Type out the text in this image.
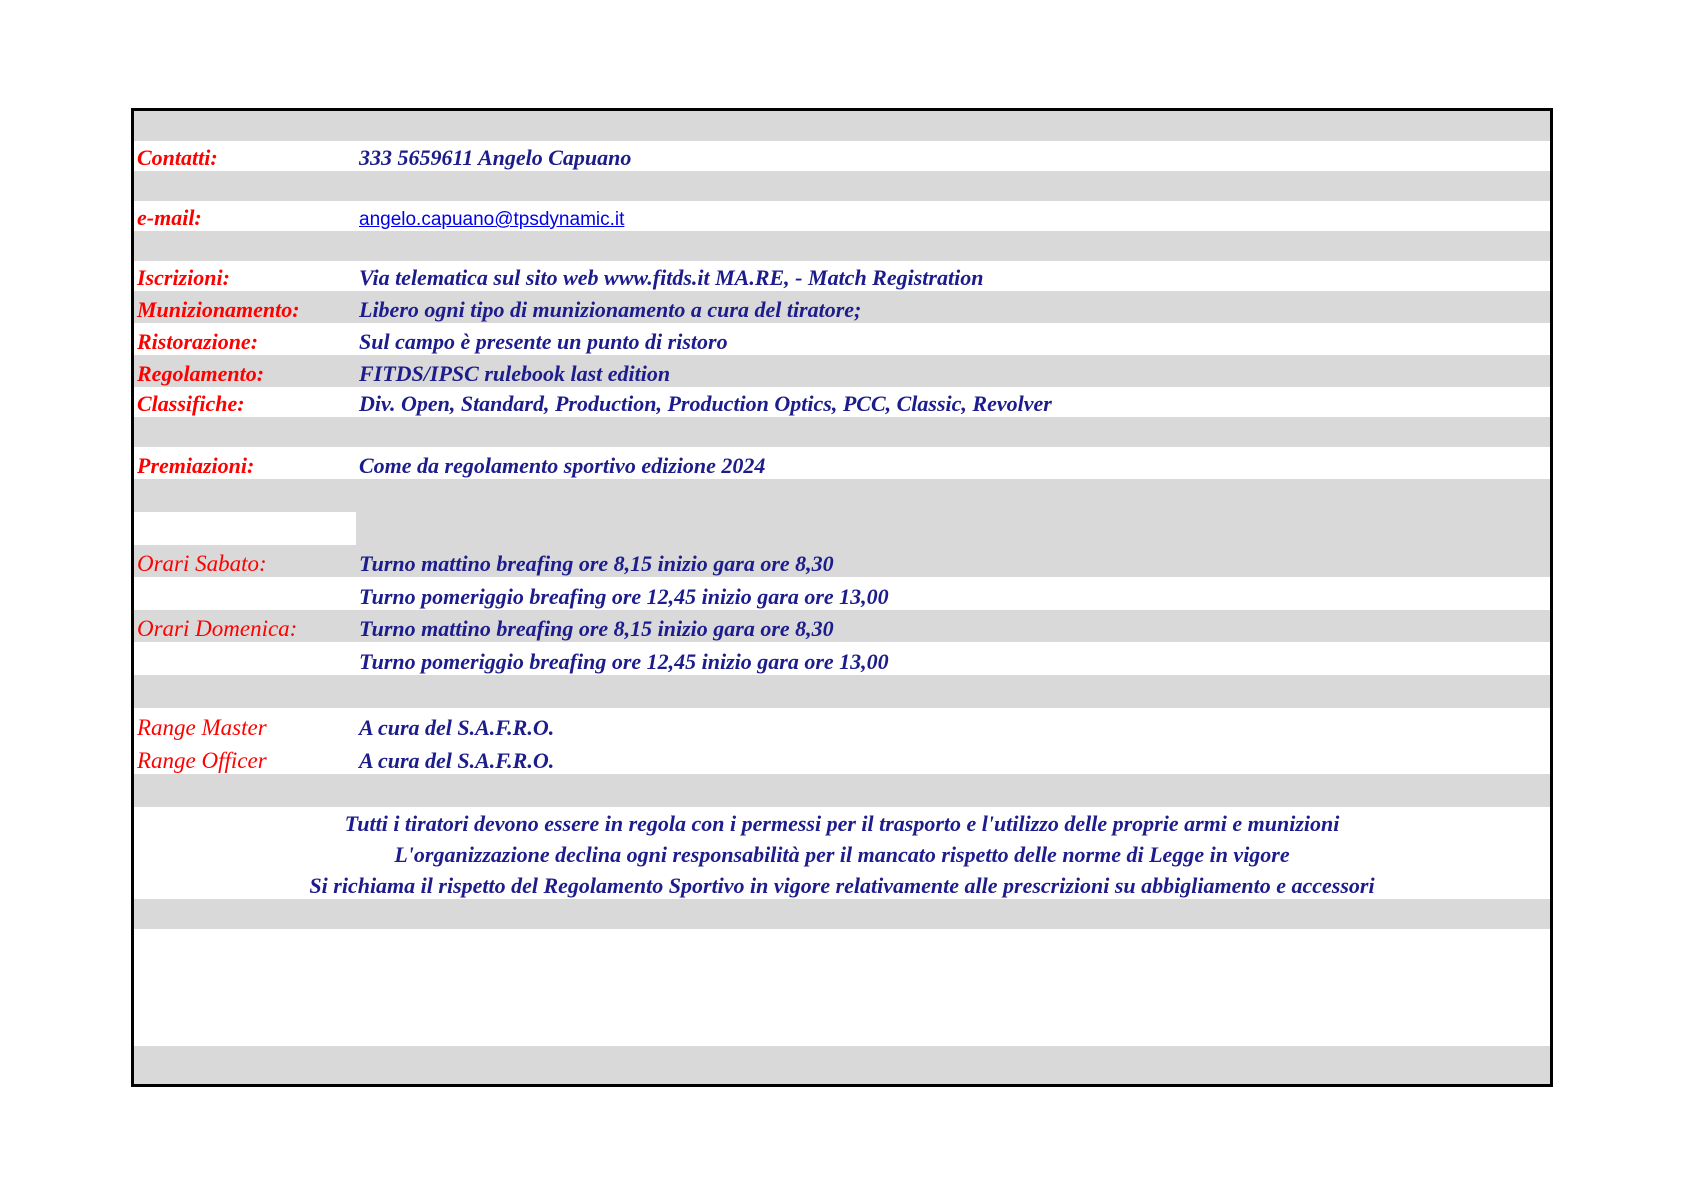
Contatti:	333 5659611 Angelo Capuano
e-mail:	angelo.capuano@tpsdynamic.it
Iscrizioni:	Via telematica sul sito web www.fitds.it MA.RE, - Match Registration
Munizionamento:	Libero ogni tipo di munizionamento a cura del tiratore;
Ristorazione:	Sul campo è presente un punto di ristoro
Regolamento:	FITDS/IPSC rulebook last edition
Classifiche:	Div. Open, Standard, Production, Production Optics, PCC, Classic, Revolver
Premiazioni:	Come da regolamento sportivo edizione 2024
Orari Sabato:	Turno mattino breafing ore 8,15 inizio gara ore 8,30
Turno pomeriggio breafing ore 12,45 inizio gara ore 13,00
Orari Domenica:	Turno mattino breafing ore 8,15 inizio gara ore 8,30
Turno pomeriggio breafing ore 12,45 inizio gara ore 13,00
Range Master	A cura del S.A.F.R.O.
Range Officer	A cura del S.A.F.R.O.
Tutti i tiratori devono essere in regola con i permessi per il trasporto e l'utilizzo delle proprie armi e munizioni
L'organizzazione declina ogni responsabilità per il mancato rispetto delle norme di Legge in vigore
Si richiama il rispetto del Regolamento Sportivo in vigore relativamente alle prescrizioni su abbigliamento e accessori
